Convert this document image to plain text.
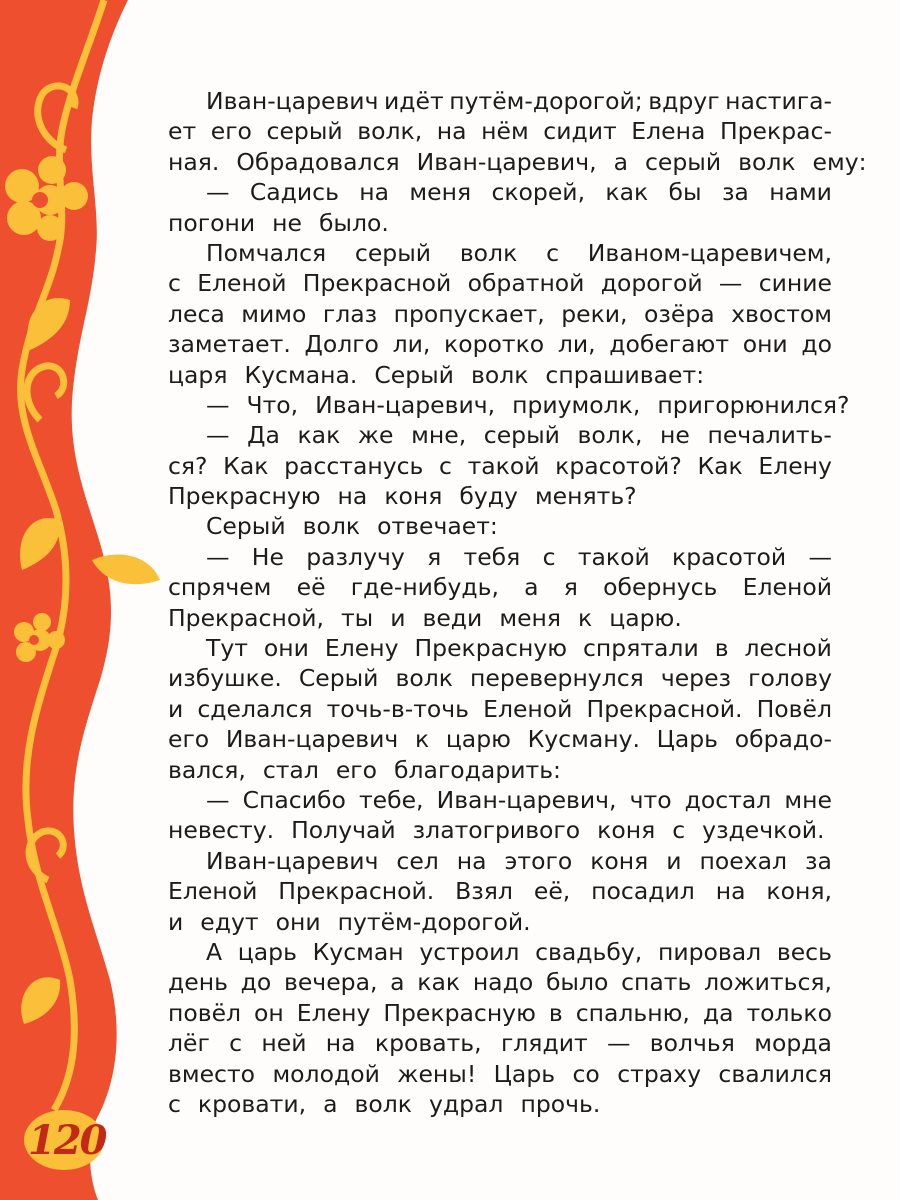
120
Иван-царевич идёт путём-дорогой; вдруг настига-
ет его серый волк, на нём сидит Елена Прекрас-
ная. Обрадовался Иван-царевич, а серый волк ему:
— Садись на меня скорей, как бы за нами
погони не было.
Помчался серый волк с Иваном-царевичем,
с Еленой Прекрасной обратной дорогой — синие
леса мимо глаз пропускает, реки, озёра хвостом
заметает. Долго ли, коротко ли, добегают они до
царя Кусмана. Серый волк спрашивает:
— Что, Иван-царевич, приумолк, пригорюнился?
— Да как же мне, серый волк, не печалить-
ся? Как расстанусь с такой красотой? Как Елену
Прекрасную на коня буду менять?
Серый волк отвечает:
— Не разлучу я тебя с такой красотой —
спрячем её где-нибудь, а я обернусь Еленой
Прекрасной, ты и веди меня к царю.
Тут они Елену Прекрасную спрятали в лесной
избушке. Серый волк перевернулся через голову
и сделался точь-в-точь Еленой Прекрасной. Повёл
его Иван-царевич к царю Кусману. Царь обрадо-
вался, стал его благодарить:
— Спасибо тебе, Иван-царевич, что достал мне
невесту. Получай златогривого коня с уздечкой.
Иван-царевич сел на этого коня и поехал за
Еленой Прекрасной. Взял её, посадил на коня,
и едут они путём-дорогой.
А царь Кусман устроил свадьбу, пировал весь
день до вечера, а как надо было спать ложиться,
повёл он Елену Прекрасную в спальню, да только
лёг с ней на кровать, глядит — волчья морда
вместо молодой жены! Царь со страху свалился
с кровати, а волк удрал прочь.
